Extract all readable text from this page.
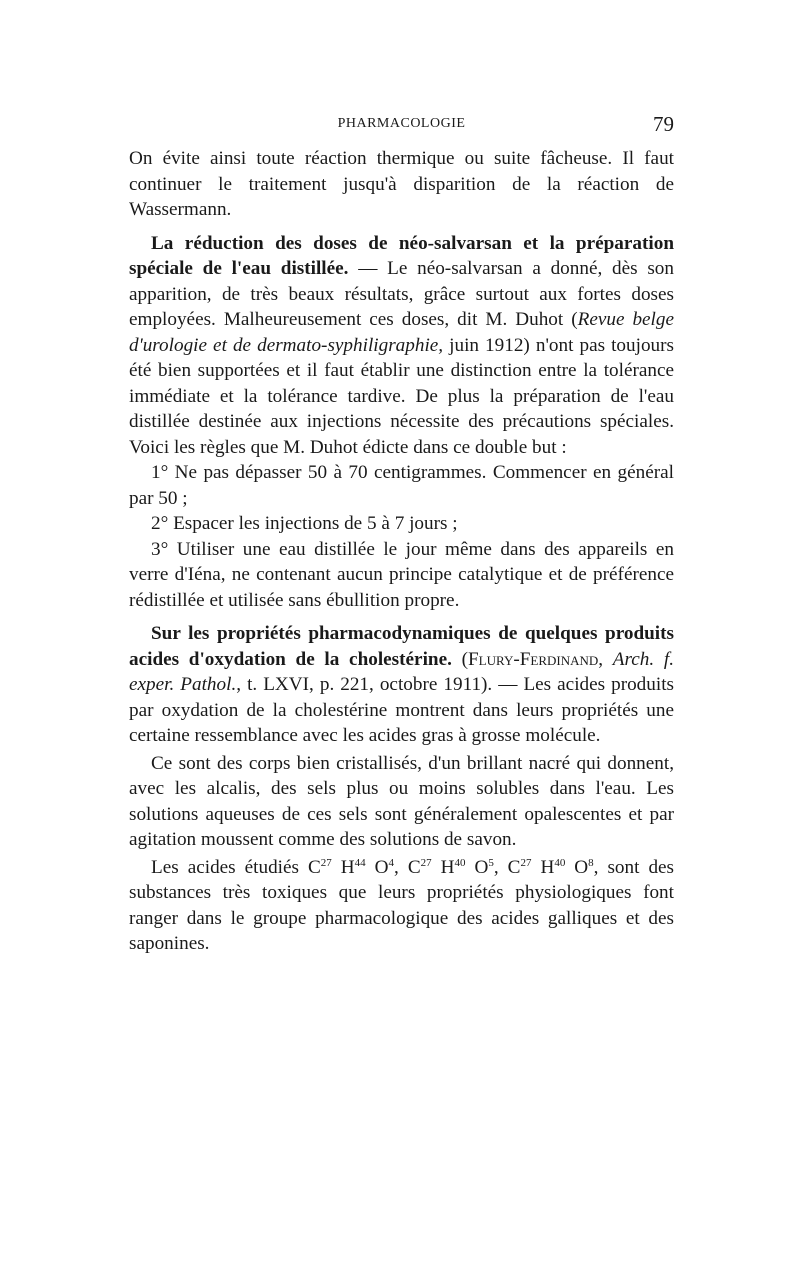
PHARMACOLOGIE	79

On évite ainsi toute réaction thermique ou suite fâcheuse. Il faut continuer le traitement jusqu'à disparition de la réaction de Wassermann.

La réduction des doses de néo-salvarsan et la préparation spéciale de l'eau distillée. — Le néo-salvarsan a donné, dès son apparition, de très beaux résultats, grâce surtout aux fortes doses employées. Malheureusement ces doses, dit M. Duhot (Revue belge d'urologie et de dermato-syphiligraphie, juin 1912) n'ont pas toujours été bien supportées et il faut établir une distinction entre la tolérance immédiate et la tolérance tardive. De plus la préparation de l'eau distillée destinée aux injections nécessite des précautions spéciales. Voici les règles que M. Duhot édicte dans ce double but :

1° Ne pas dépasser 50 à 70 centigrammes. Commencer en général par 50 ;

2° Espacer les injections de 5 à 7 jours ;

3° Utiliser une eau distillée le jour même dans des appareils en verre d'Iéna, ne contenant aucun principe catalytique et de préférence rédistillée et utilisée sans ébullition propre.

Sur les propriétés pharmacodynamiques de quelques produits acides d'oxydation de la cholestérine. (Flury-Ferdinand, Arch. f. exper. Pathol., t. LXVI, p. 221, octobre 1911). — Les acides produits par oxydation de la cholestérine montrent dans leurs propriétés une certaine ressemblance avec les acides gras à grosse molécule.

Ce sont des corps bien cristallisés, d'un brillant nacré qui donnent, avec les alcalis, des sels plus ou moins solubles dans l'eau. Les solutions aqueuses de ces sels sont généralement opalescentes et par agitation moussent comme des solutions de savon.

Les acides étudiés $C^{27}$ $H^{44}$ $O^4$, $C^{27}$ $H^{40}$ $O^5$, $C^{27}$ $H^{40}$ $O^8$, sont des substances très toxiques que leurs propriétés physiologiques font ranger dans le groupe pharmacologique des acides galliques et des saponines.
